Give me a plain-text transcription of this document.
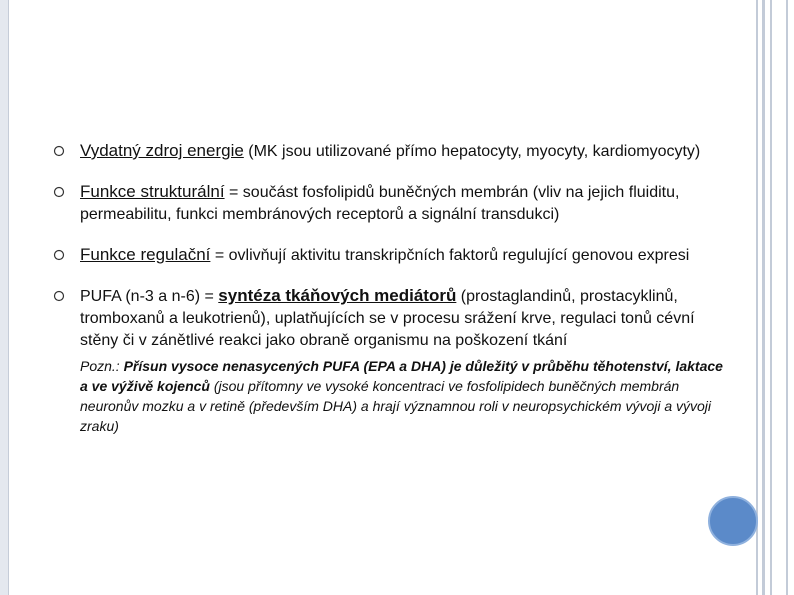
Vydatný zdroj energie (MK jsou utilizované přímo hepatocyty, myocyty, kardiomyocyty)
Funkce strukturální = součást fosfolipidů buněčných membrán (vliv na jejich fluiditu, permeabilitu, funkci membránových receptorů a signální transdukci)
Funkce regulační = ovlivňují aktivitu transkripčních faktorů regulující genovou expresi
PUFA (n-3 a n-6) = syntéza tkáňových mediátorů (prostaglandinů, prostacyklinů, tromboxanů a leukotrienů), uplatňujících se v procesu srážení krve, regulaci tonů cévní stěny či v zánětlivé reakci jako obraně organismu na poškození tkání
Pozn.: Přísun vysoce nenasycených PUFA (EPA a DHA) je důležitý v průběhu těhotenství, laktace a ve výživě kojenců (jsou přítomny ve vysoké koncentraci ve fosfolipidech buněčných membrán neuronův mozku a v retině (především DHA) a hrají významnou roli v neuropsychickém vývoji a vývoji zraku)
